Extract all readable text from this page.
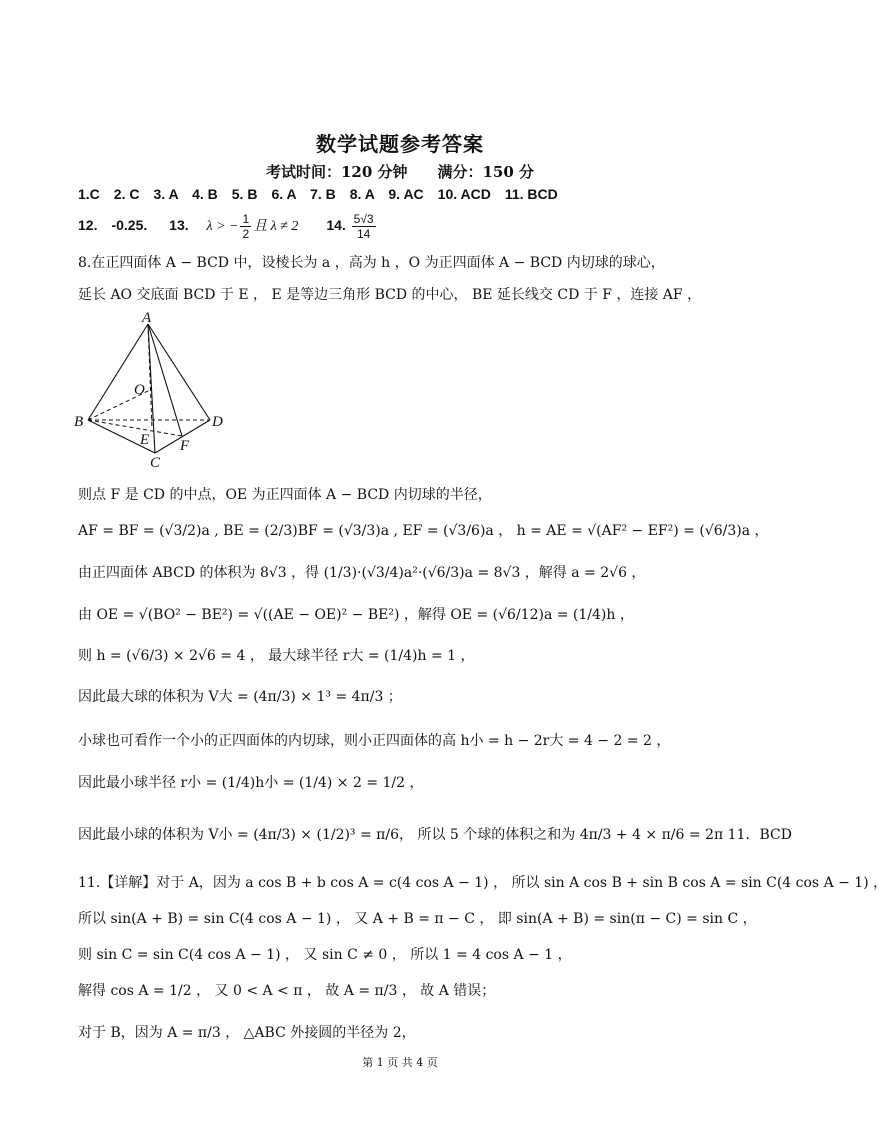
数学试题参考答案
考试时间：120 分钟　　满分：150 分
1.C　2. C　3. A　4. B　5. B　6. A　7. B　8. A　9. AC　10. ACD　11. BCD
12.　-0.25. 13. λ > − $\frac{1}{2}$ 且 λ ≠ 2 14. $\frac{5√3}{14}$
8.在正四面体 A − BCD 中，设棱长为 a ，高为 h ，O 为正四面体 A − BCD 内切球的球心，
延长 AO 交底面 BCD 于 E ， E 是等边三角形 BCD 的中心， BE 延长线交 CD 于 F ，连接 AF ，
A
B	D
C
E F
O
则点 F 是 CD 的中点，OE 为正四面体 A − BCD 内切球的半径，
AF = BF = (√3/2)a , BE = (2/3)BF = (√3/3)a , EF = (√3/6)a ， h = AE = √(AF² − EF²) = (√6/3)a ，
由正四面体 ABCD 的体积为 8√3 ，得 (1/3)·(√3/4)a²·(√6/3)a = 8√3 ，解得 a = 2√6 ，
由 OE = √(BO² − BE²) = √((AE − OE)² − BE²) ，解得 OE = (√6/12)a = (1/4)h ，
则 h = (√6/3) × 2√6 = 4 ， 最大球半径 r大 = (1/4)h = 1 ，
因此最大球的体积为 V大 = (4π/3) × 1³ = 4π/3 ；
小球也可看作一个小的正四面体的内切球，则小正四面体的高 h小 = h − 2r大 = 4 − 2 = 2 ，
因此最小球半径 r小 = (1/4)h小 = (1/4) × 2 = 1/2 ，
因此最小球的体积为 V小 = (4π/3) × (1/2)³ = π/6， 所以 5 个球的体积之和为 4π/3 + 4 × π/6 = 2π 11．BCD
11.【详解】对于 A，因为 a cos B + b cos A = c(4 cos A − 1) ， 所以 sin A cos B + sin B cos A = sin C(4 cos A − 1) ，
所以 sin(A + B) = sin C(4 cos A − 1) ， 又 A + B = π − C ， 即 sin(A + B) = sin(π − C) = sin C ，
则 sin C = sin C(4 cos A − 1) ， 又 sin C ≠ 0 ， 所以 1 = 4 cos A − 1 ，
解得 cos A = 1/2 ， 又 0 < A < π ， 故 A = π/3 ， 故 A 错误；
对于 B，因为 A = π/3 ， △ABC 外接圆的半径为 2，
第 1 页 共 4 页
